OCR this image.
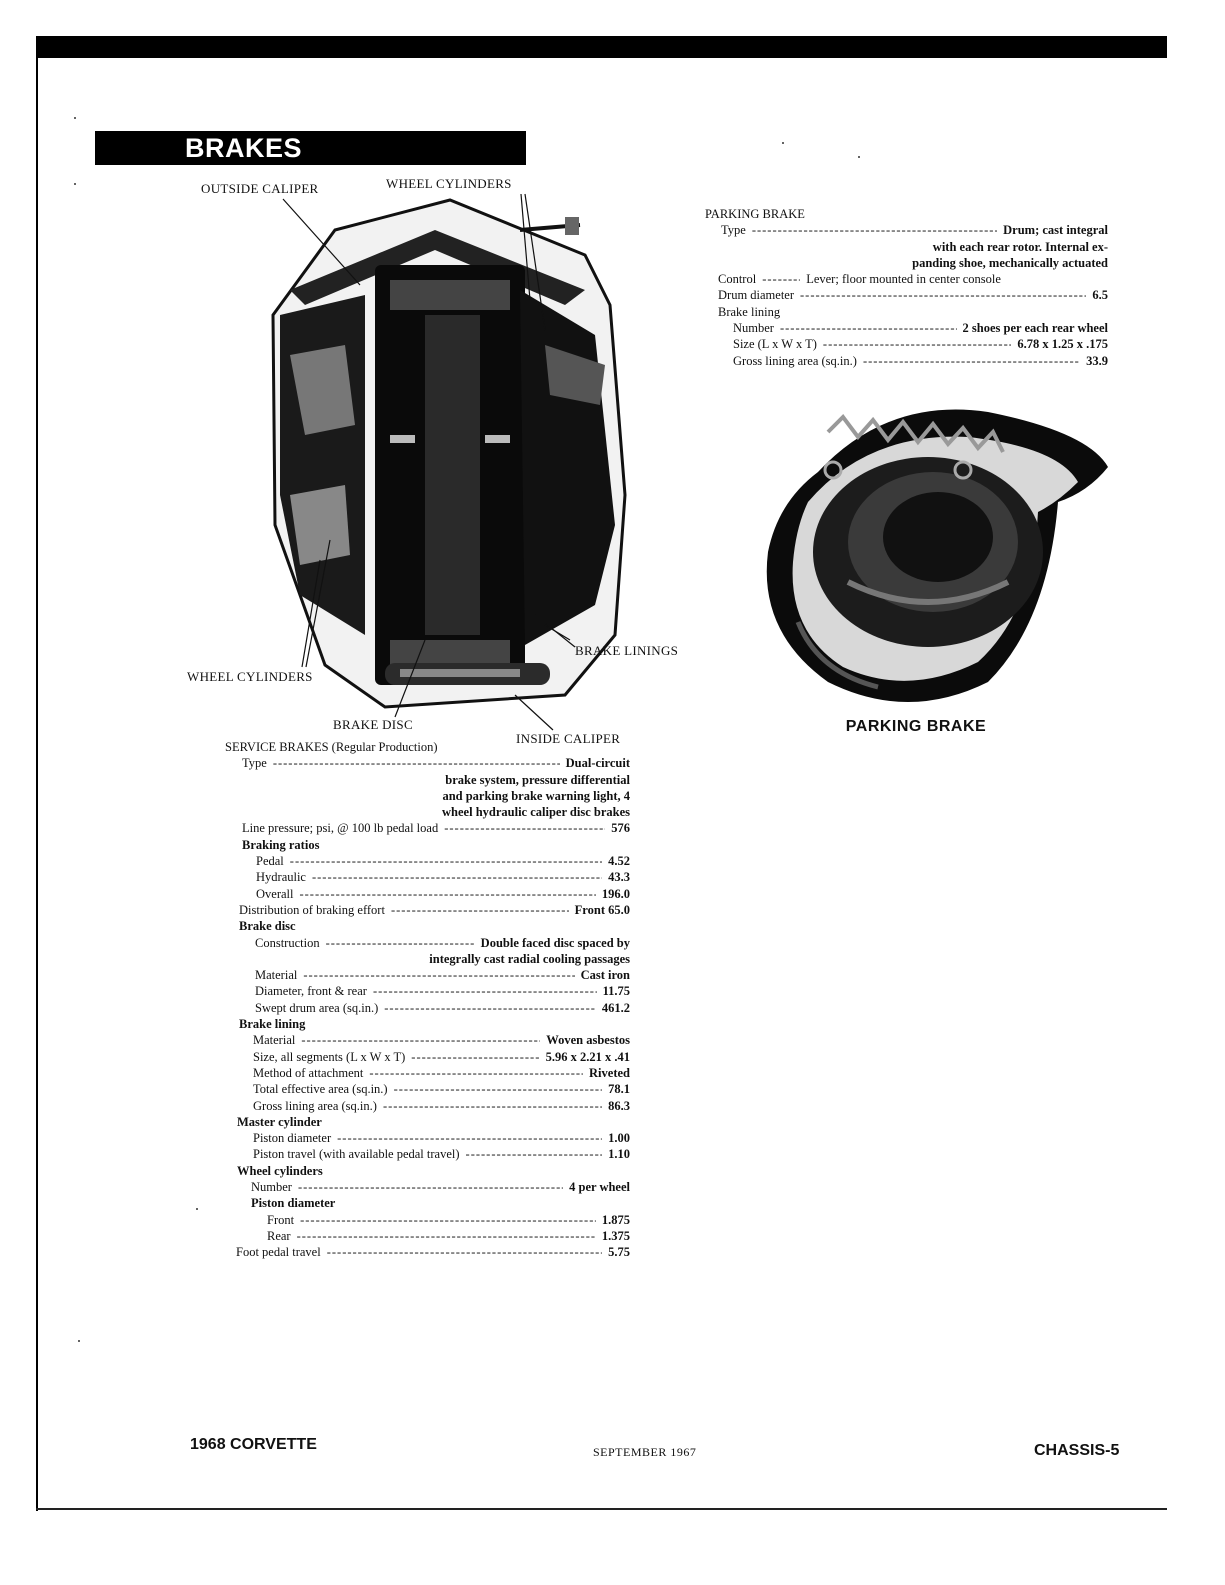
BRAKES
OUTSIDE CALIPER	WHEEL CYLINDERS
BRAKE LININGS
WHEEL CYLINDERS
BRAKE DISC
INSIDE CALIPER
PARKING BRAKE
Type -----	Drum; cast integral
with each rear rotor. Internal ex-
panding shoe, mechanically actuated
Control -----	Lever; floor mounted in center console
Drum diameter -----	6.5
Brake lining
Number -----	2 shoes per each rear wheel
Size (L x W x T) -----	6.78 x 1.25 x .175
Gross lining area (sq.in.) -----	33.9
PARKING BRAKE
SERVICE BRAKES (Regular Production)
Type -----	Dual-circuit
brake system, pressure differential
and parking brake warning light, 4
wheel hydraulic caliper disc brakes
Line pressure; psi, @ 100 lb pedal load -----	576
Braking ratios
Pedal -----	4.52
Hydraulic -----	43.3
Overall -----	196.0
Distribution of braking effort -----	Front 65.0
Brake disc
Construction -----	Double faced disc spaced by
integrally cast radial cooling passages
Material -----	Cast iron
Diameter, front & rear -----	11.75
Swept drum area (sq.in.) -----	461.2
Brake lining
Material -----	Woven asbestos
Size, all segments (L x W x T) -----	5.96 x 2.21 x .41
Method of attachment -----	Riveted
Total effective area (sq.in.) -----	78.1
Gross lining area (sq.in.) -----	86.3
Master cylinder
Piston diameter -----	1.00
Piston travel (with available pedal travel) -----	1.10
Wheel cylinders
Number -----	4 per wheel
Piston diameter
Front -----	1.875
Rear -----	1.375
Foot pedal travel -----	5.75
1968 CORVETTE	SEPTEMBER 1967	CHASSIS-5
